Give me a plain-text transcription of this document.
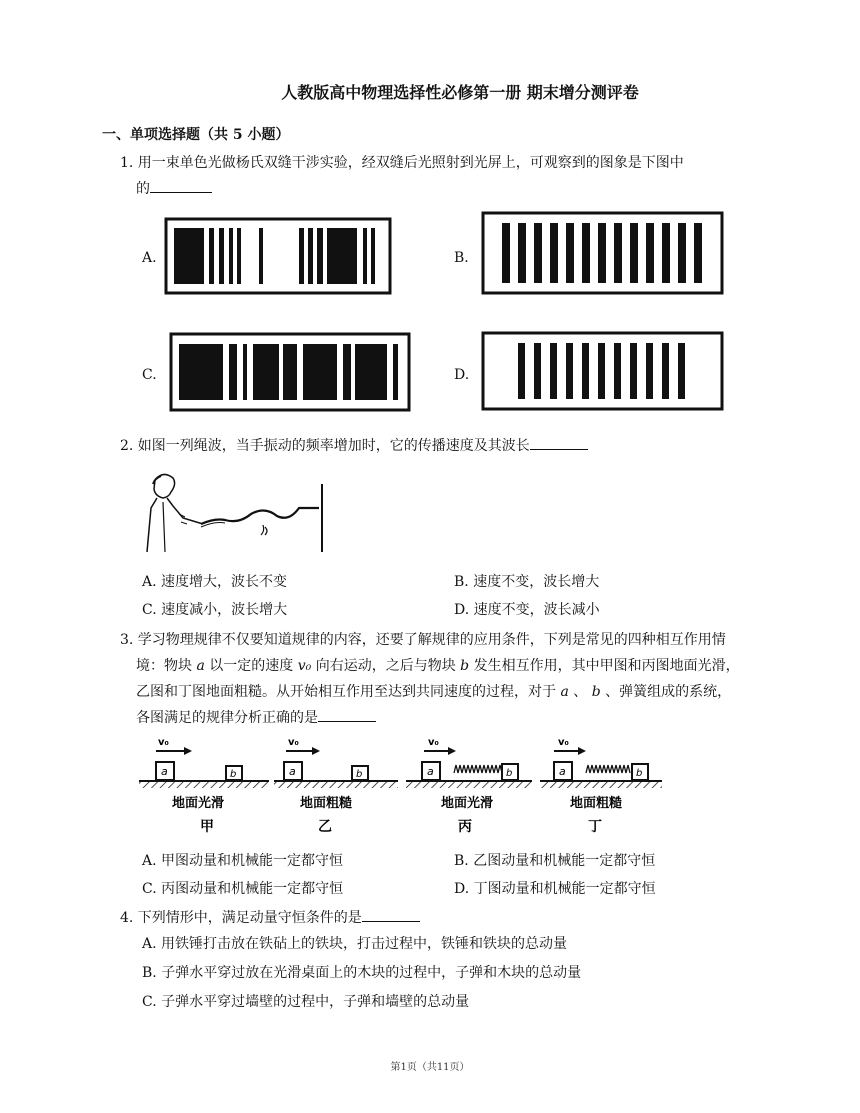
人教版高中物理选择性必修第一册 期末增分测评卷
一、单项选择题（共 5 小题）
1. 用一束单色光做杨氏双缝干涉实验，经双缝后光照射到光屏上，可观察到的图象是下图中
的
A.	B.
C.	D.
2. 如图一列绳波，当手振动的频率增加时，它的传播速度及其波长
A. 速度增大，波长不变	B. 速度不变，波长增大
C. 速度减小，波长增大	D. 速度不变，波长减小
3. 学习物理规律不仅要知道规律的内容，还要了解规律的应用条件，下列是常见的四种相互作用情
境：物块 a 以一定的速度 v₀ 向右运动，之后与物块 b 发生相互作用，其中甲图和丙图地面光滑，
乙图和丁图地面粗糙。从开始相互作用至达到共同速度的过程，对于 a 、 b 、弹簧组成的系统，
各图满足的规律分析正确的是
v₀
a	b
地面光滑
甲
v₀
a	b
地面粗糙
乙
v₀
a	b
地面光滑
丙
v₀
a	b
地面粗糙
丁
A. 甲图动量和机械能一定都守恒	B. 乙图动量和机械能一定都守恒
C. 丙图动量和机械能一定都守恒	D. 丁图动量和机械能一定都守恒
4. 下列情形中，满足动量守恒条件的是
A. 用铁锤打击放在铁砧上的铁块，打击过程中，铁锤和铁块的总动量
B. 子弹水平穿过放在光滑桌面上的木块的过程中，子弹和木块的总动量
C. 子弹水平穿过墙壁的过程中，子弹和墙壁的总动量
第1页（共11页）
